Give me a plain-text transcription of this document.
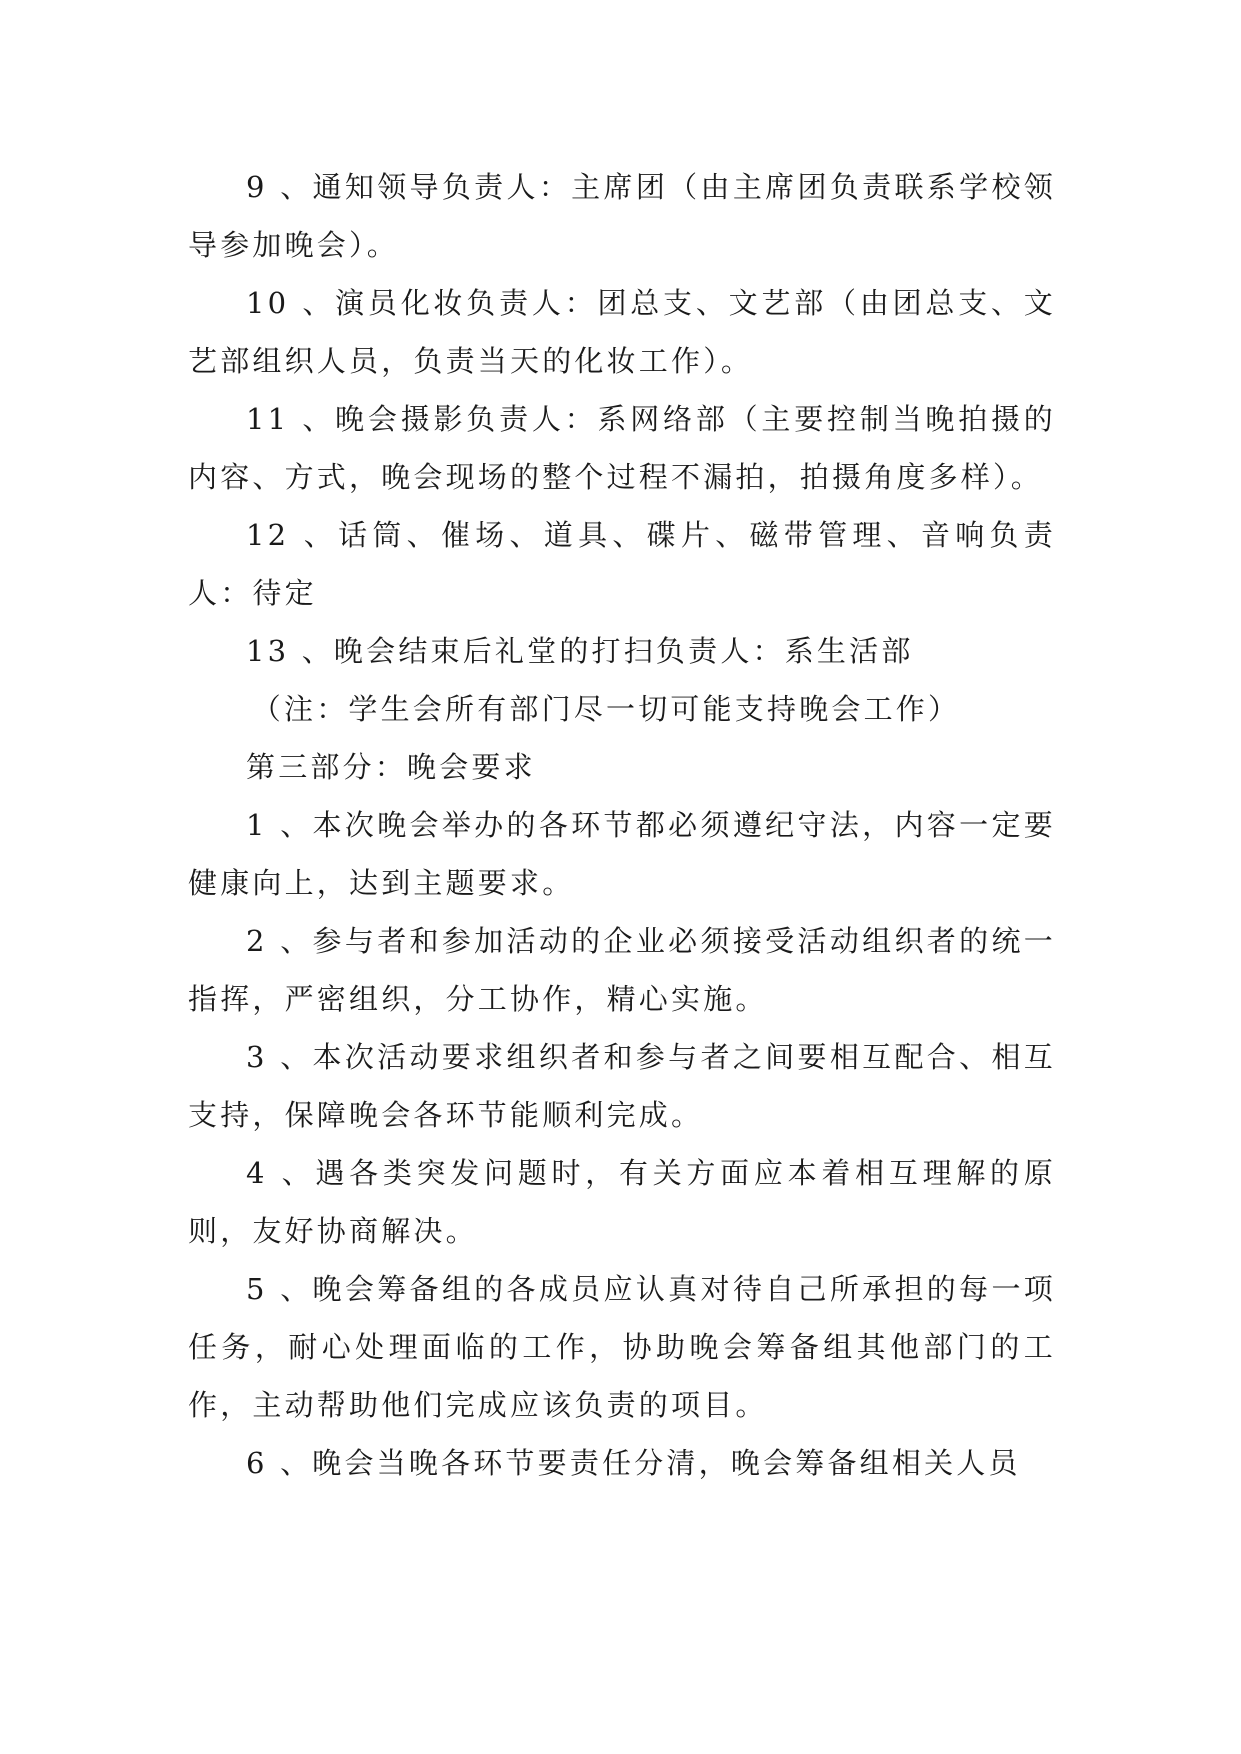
9 、通知领导负责人：主席团（由主席团负责联系学校领导参加晚会）。

10 、演员化妆负责人：团总支、文艺部（由团总支、文艺部组织人员，负责当天的化妆工作）。

11 、晚会摄影负责人：系网络部（主要控制当晚拍摄的内容、方式，晚会现场的整个过程不漏拍，拍摄角度多样）。

12 、话筒、催场、道具、碟片、磁带管理、音响负责人：待定

13 、晚会结束后礼堂的打扫负责人：系生活部

（注：学生会所有部门尽一切可能支持晚会工作）

第三部分：晚会要求

1 、本次晚会举办的各环节都必须遵纪守法，内容一定要健康向上，达到主题要求。

2 、参与者和参加活动的企业必须接受活动组织者的统一指挥，严密组织，分工协作，精心实施。

3 、本次活动要求组织者和参与者之间要相互配合、相互支持，保障晚会各环节能顺利完成。

4 、遇各类突发问题时，有关方面应本着相互理解的原则，友好协商解决。

5 、晚会筹备组的各成员应认真对待自己所承担的每一项任务，耐心处理面临的工作，协助晚会筹备组其他部门的工作，主动帮助他们完成应该负责的项目。

6 、晚会当晚各环节要责任分清，晚会筹备组相关人员
